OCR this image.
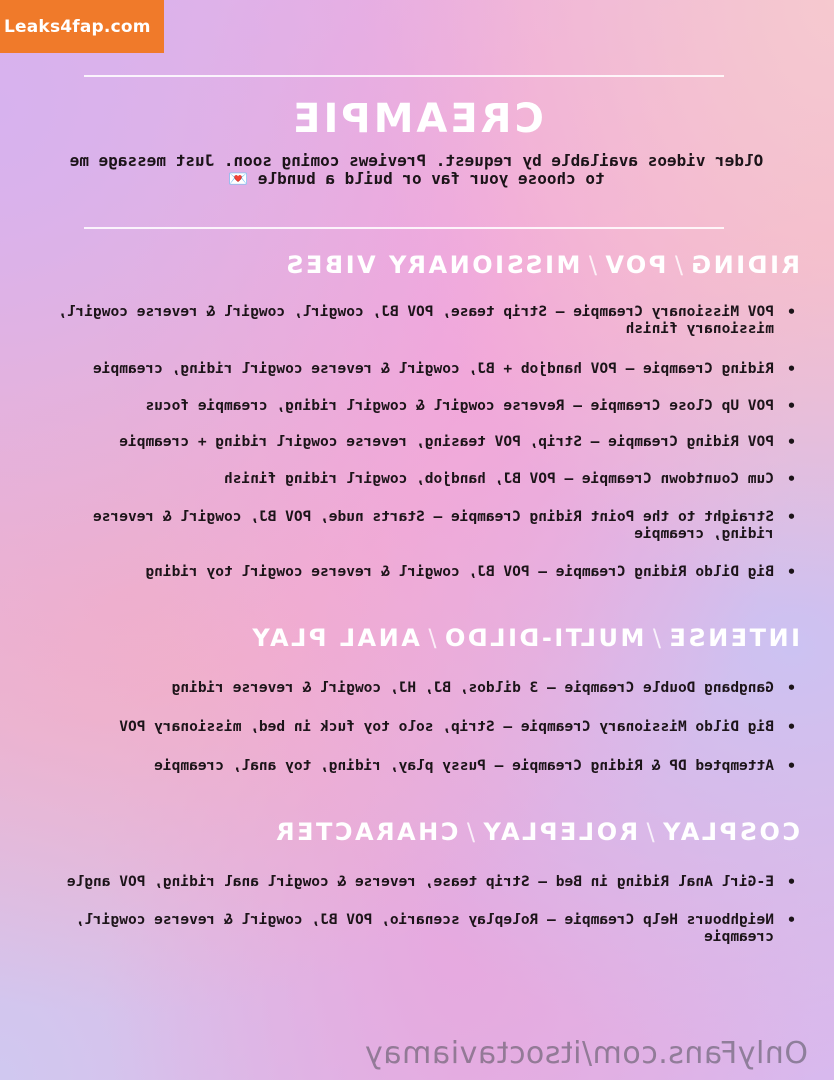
Leaks4fap.com
CREAMPIE
Older videos available by request. Previews coming soon. Just message me
to choose your fav or build a bundle 💌
RIDING/POV/MISSIONARY VIBES
• POV Missionary Creampie — Strip tease, POV BJ, cowgirl, cowgirl & reverse cowgirl, missionary finish
• Riding Creampie — POV handjob + BJ, cowgirl & reverse cowgirl riding, creampie
• POV Up Close Creampie — Reverse cowgirl & cowgirl riding, creampie focus
• POV Riding Creampie — Strip, POV teasing, reverse cowgirl riding + creampie
• Cum Countdown Creampie — POV BJ, handjob, cowgirl riding finish
• Straight to the Point Riding Creampie — Starts nude, POV BJ, cowgirl & reverse riding, creampie
• Big Dildo Riding Creampie — POV BJ, cowgirl & reverse cowgirl toy riding
INTENSE/MULTI-DILDO/ANAL PLAY
• Gangbang Double Creampie — 3 dildos, BJ, HJ, cowgirl & reverse riding
• Big Dildo Missionary Creampie — Strip, solo toy fuck in bed, missionary POV
• Attempted DP & Riding Creampie — Pussy play, riding, toy anal, creampie
COSPLAY/ROLEPLAY/CHARACTER
• E-Girl Anal Riding in Bed — Strip tease, reverse & cowgirl anal riding, POV angle
• Neighbours Help Creampie — Roleplay scenario, POV BJ, cowgirl & reverse cowgirl, creampie
OnlyFans.com/itsoctaviamay
